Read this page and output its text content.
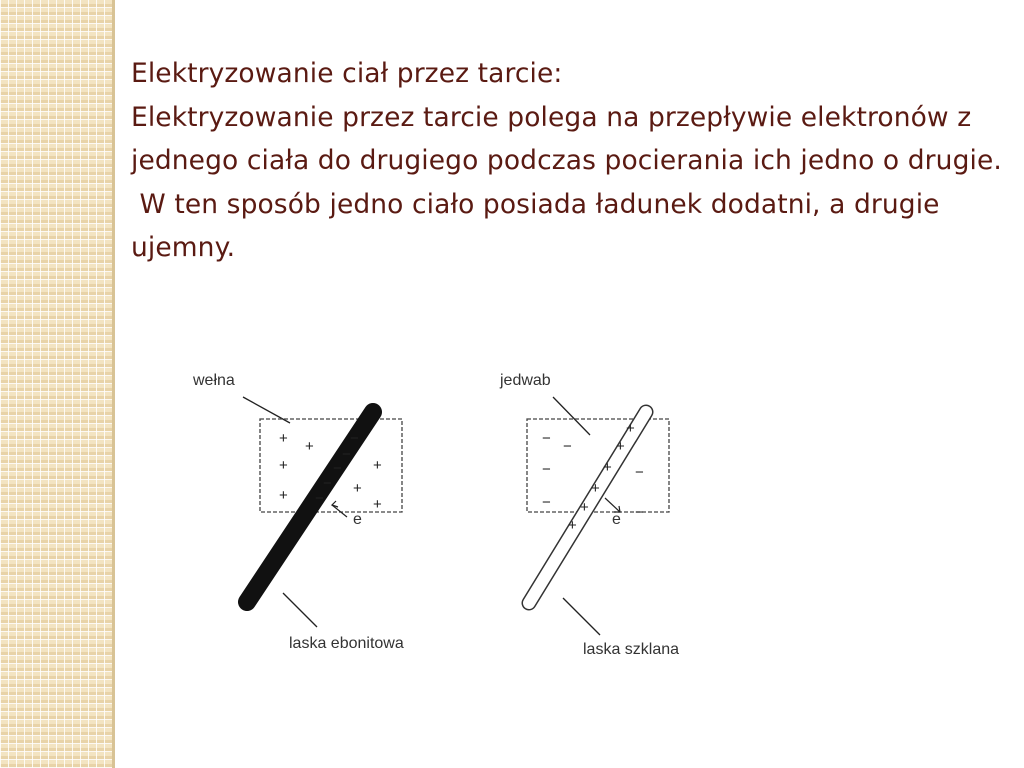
Elektryzowanie ciał przez tarcie:

Elektryzowanie przez tarcie polega na przepływie elektronów z jednego ciała do drugiego podczas pocierania ich jedno o drugie.

W ten sposób jedno ciało posiada ładunek dodatni, a drugie ujemny.

wełna
+ +
+	+
+
+
+
−
−
−
−
−
e
laska ebonitowa
jedwab
− −
−	−
−
−
+
+
+
+
+
+ e
laska szklana
